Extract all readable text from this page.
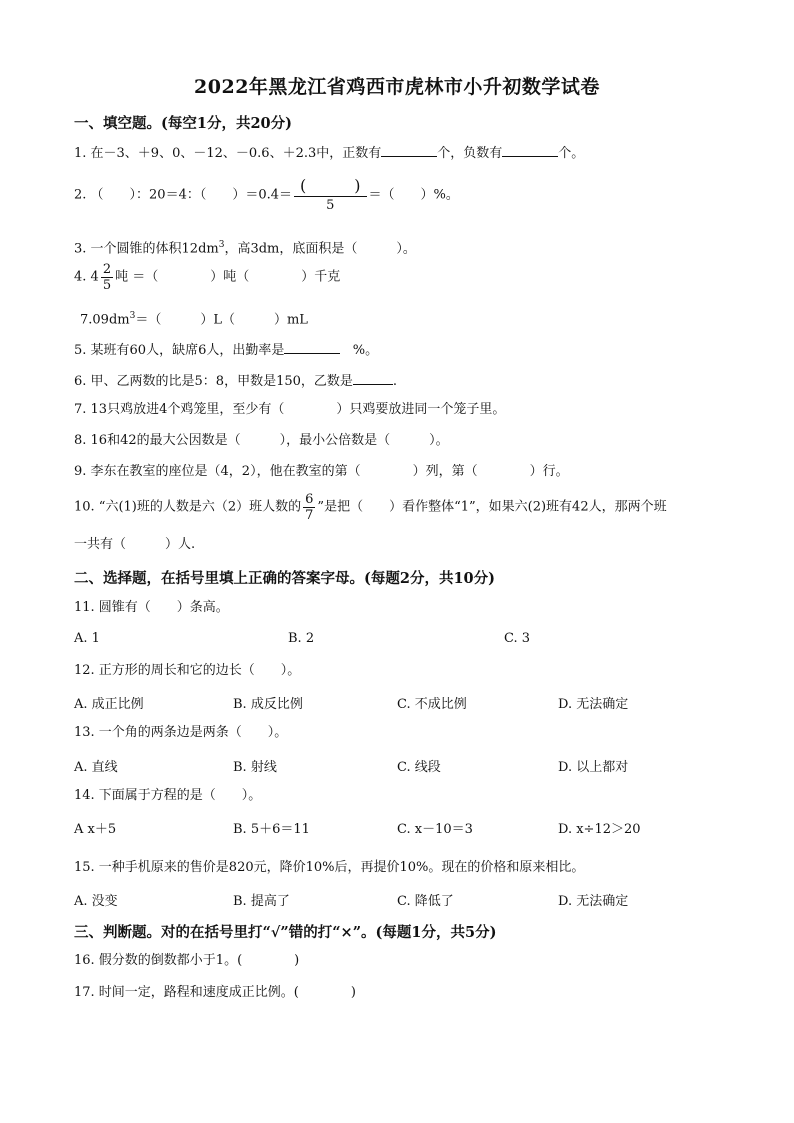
2022年黑龙江省鸡西市虎林市小升初数学试卷
一、填空题。(每空1分，共20分)
1. 在－3、＋9、0、－12、－0.6、＋2.3中，正数有	个，负数有	个。
2. （　　）：20＝4：（　　）$=0.4= \frac{( )}{5}$ ＝（　　）%。
3. 一个圆锥的体积$12dm^3$，高3dm，底面积是（　　　）。
4. $4 \frac{2}{5}$ 吨 ＝（　　　　）吨（　　　　）千克
$7.09dm^3=$（　　　）L（　　　）mL
5. 某班有60人，缺席6人，出勤率是	%。
6. 甲、乙两数的比是5：8，甲数是150，乙数是	.
7. 13只鸡放进4个鸡笼里，至少有（　　　　）只鸡要放进同一个笼子里。
8. 16和42的最大公因数是（　　　），最小公倍数是（　　　）。
9. 李东在教室的座位是（4，2），他在教室的第（　　　　）列，第（　　　　）行。
10. “六(1)班的人数是六（2）班人数的 $\frac{6}{7}$ ”是把（　　）看作整体“1”，如果六(2)班有42人，那两个班
一共有（　　　）人.
二、选择题，在括号里填上正确的答案字母。(每题2分，共10分)
11. 圆锥有（　　）条高。
A. 1	B. 2	C. 3
12. 正方形的周长和它的边长（　　）。
A. 成正比例	B. 成反比例	C. 不成比例	D. 无法确定
13. 一个角的两条边是两条（　　）。
A. 直线	B. 射线	C. 线段	D. 以上都对
14. 下面属于方程的是（　　）。
A x＋5	B. 5＋6＝11	C. x－10＝3	D. x÷12＞20
15. 一种手机原来的售价是820元，降价10%后，再提价10%。现在的价格和原来相比。
A. 没变	B. 提高了	C. 降低了	D. 无法确定
三、判断题。对的在括号里打“√”错的打“×”。(每题1分，共5分)
16. 假分数的倒数都小于1。(　　　　)
17. 时间一定，路程和速度成正比例。(　　　　)
